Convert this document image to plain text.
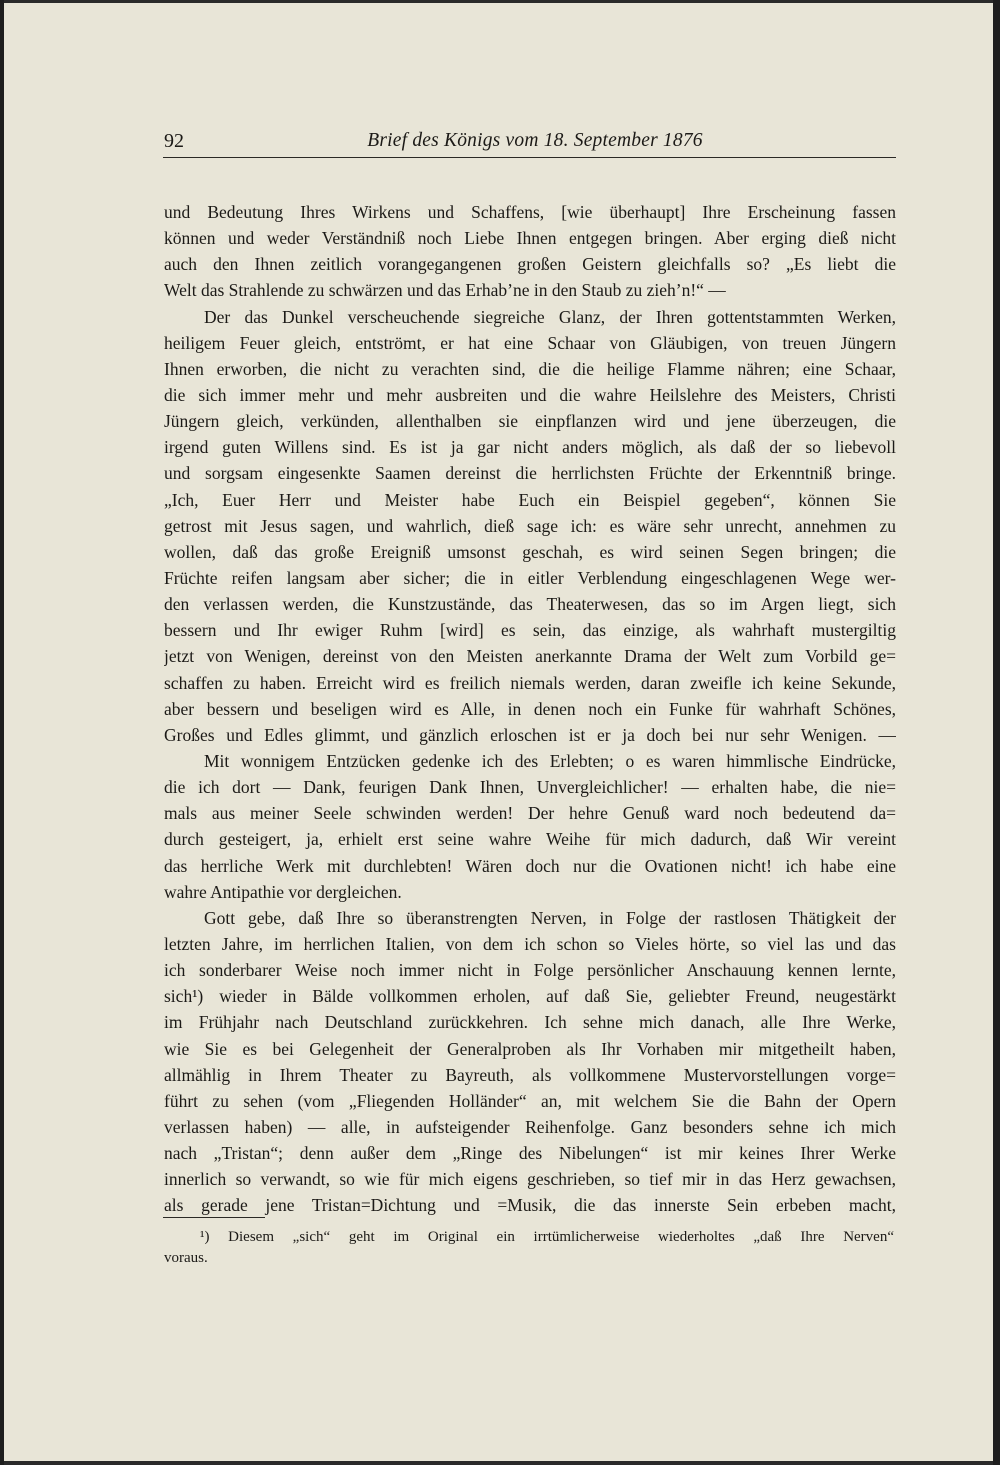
92	Brief des Königs vom 18. September 1876
und Bedeutung Ihres Wirkens und Schaffens, [wie überhaupt] Ihre Erscheinung fassen
können und weder Verständniß noch Liebe Ihnen entgegen bringen. Aber erging dieß nicht
auch den Ihnen zeitlich vorangegangenen großen Geistern gleichfalls so? „Es liebt die
Welt das Strahlende zu schwärzen und das Erhab’ne in den Staub zu zieh’n!“ —
Der das Dunkel verscheuchende siegreiche Glanz, der Ihren gottentstammten Werken,
heiligem Feuer gleich, entströmt, er hat eine Schaar von Gläubigen, von treuen Jüngern
Ihnen erworben, die nicht zu verachten sind, die die heilige Flamme nähren; eine Schaar,
die sich immer mehr und mehr ausbreiten und die wahre Heilslehre des Meisters, Christi
Jüngern gleich, verkünden, allenthalben sie einpflanzen wird und jene überzeugen, die
irgend guten Willens sind. Es ist ja gar nicht anders möglich, als daß der so liebevoll
und sorgsam eingesenkte Saamen dereinst die herrlichsten Früchte der Erkenntniß bringe.
„Ich, Euer Herr und Meister habe Euch ein Beispiel gegeben“, können Sie
getrost mit Jesus sagen, und wahrlich, dieß sage ich: es wäre sehr unrecht, annehmen zu
wollen, daß das große Ereigniß umsonst geschah, es wird seinen Segen bringen; die
Früchte reifen langsam aber sicher; die in eitler Verblendung eingeschlagenen Wege wer-
den verlassen werden, die Kunstzustände, das Theaterwesen, das so im Argen liegt, sich
bessern und Ihr ewiger Ruhm [wird] es sein, das einzige, als wahrhaft mustergiltig
jetzt von Wenigen, dereinst von den Meisten anerkannte Drama der Welt zum Vorbild ge=
schaffen zu haben. Erreicht wird es freilich niemals werden, daran zweifle ich keine Sekunde,
aber bessern und beseligen wird es Alle, in denen noch ein Funke für wahrhaft Schönes,
Großes und Edles glimmt, und gänzlich erloschen ist er ja doch bei nur sehr Wenigen. —
Mit wonnigem Entzücken gedenke ich des Erlebten; o es waren himmlische Eindrücke,
die ich dort — Dank, feurigen Dank Ihnen, Unvergleichlicher! — erhalten habe, die nie=
mals aus meiner Seele schwinden werden! Der hehre Genuß ward noch bedeutend da=
durch gesteigert, ja, erhielt erst seine wahre Weihe für mich dadurch, daß Wir vereint
das herrliche Werk mit durchlebten! Wären doch nur die Ovationen nicht! ich habe eine
wahre Antipathie vor dergleichen.
Gott gebe, daß Ihre so überanstrengten Nerven, in Folge der rastlosen Thätigkeit der
letzten Jahre, im herrlichen Italien, von dem ich schon so Vieles hörte, so viel las und das
ich sonderbarer Weise noch immer nicht in Folge persönlicher Anschauung kennen lernte,
sich¹) wieder in Bälde vollkommen erholen, auf daß Sie, geliebter Freund, neugestärkt
im Frühjahr nach Deutschland zurückkehren. Ich sehne mich danach, alle Ihre Werke,
wie Sie es bei Gelegenheit der Generalproben als Ihr Vorhaben mir mitgetheilt haben,
allmählig in Ihrem Theater zu Bayreuth, als vollkommene Mustervorstellungen vorge=
führt zu sehen (vom „Fliegenden Holländer“ an, mit welchem Sie die Bahn der Opern
verlassen haben) — alle, in aufsteigender Reihenfolge. Ganz besonders sehne ich mich
nach „Tristan“; denn außer dem „Ringe des Nibelungen“ ist mir keines Ihrer Werke
innerlich so verwandt, so wie für mich eigens geschrieben, so tief mir in das Herz gewachsen,
als gerade jene Tristan=Dichtung und =Musik, die das innerste Sein erbeben macht,
¹) Diesem „sich“ geht im Original ein irrtümlicherweise wiederholtes „daß Ihre Nerven“
voraus.
